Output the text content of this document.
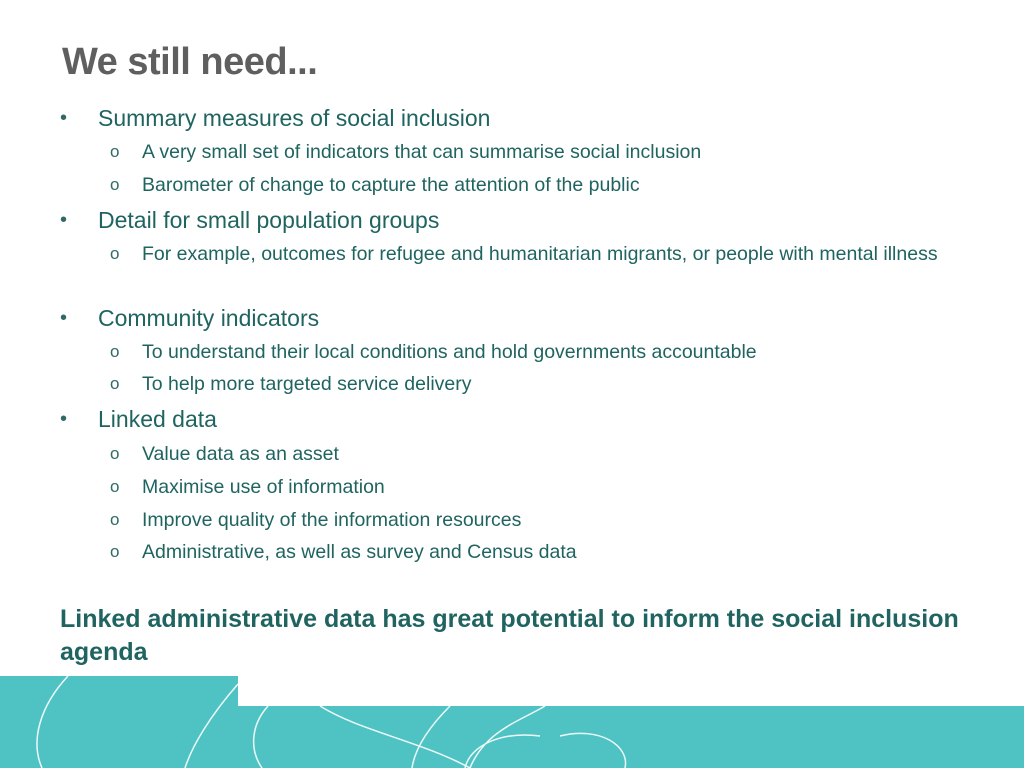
We still need...
• Summary measures of social inclusion

o A very small set of indicators that can summarise social inclusion

o Barometer of change to capture the attention of the public

• Detail for small population groups

o For example, outcomes for refugee and humanitarian migrants, or people with mental illness

• Community indicators

o To understand their local conditions and hold governments accountable

o To help more targeted service delivery

• Linked data

o Value data as an asset

o Maximise use of information

o Improve quality of the information resources

o Administrative, as well as survey and Census data

Linked administrative data has great potential to inform the social inclusion agenda
